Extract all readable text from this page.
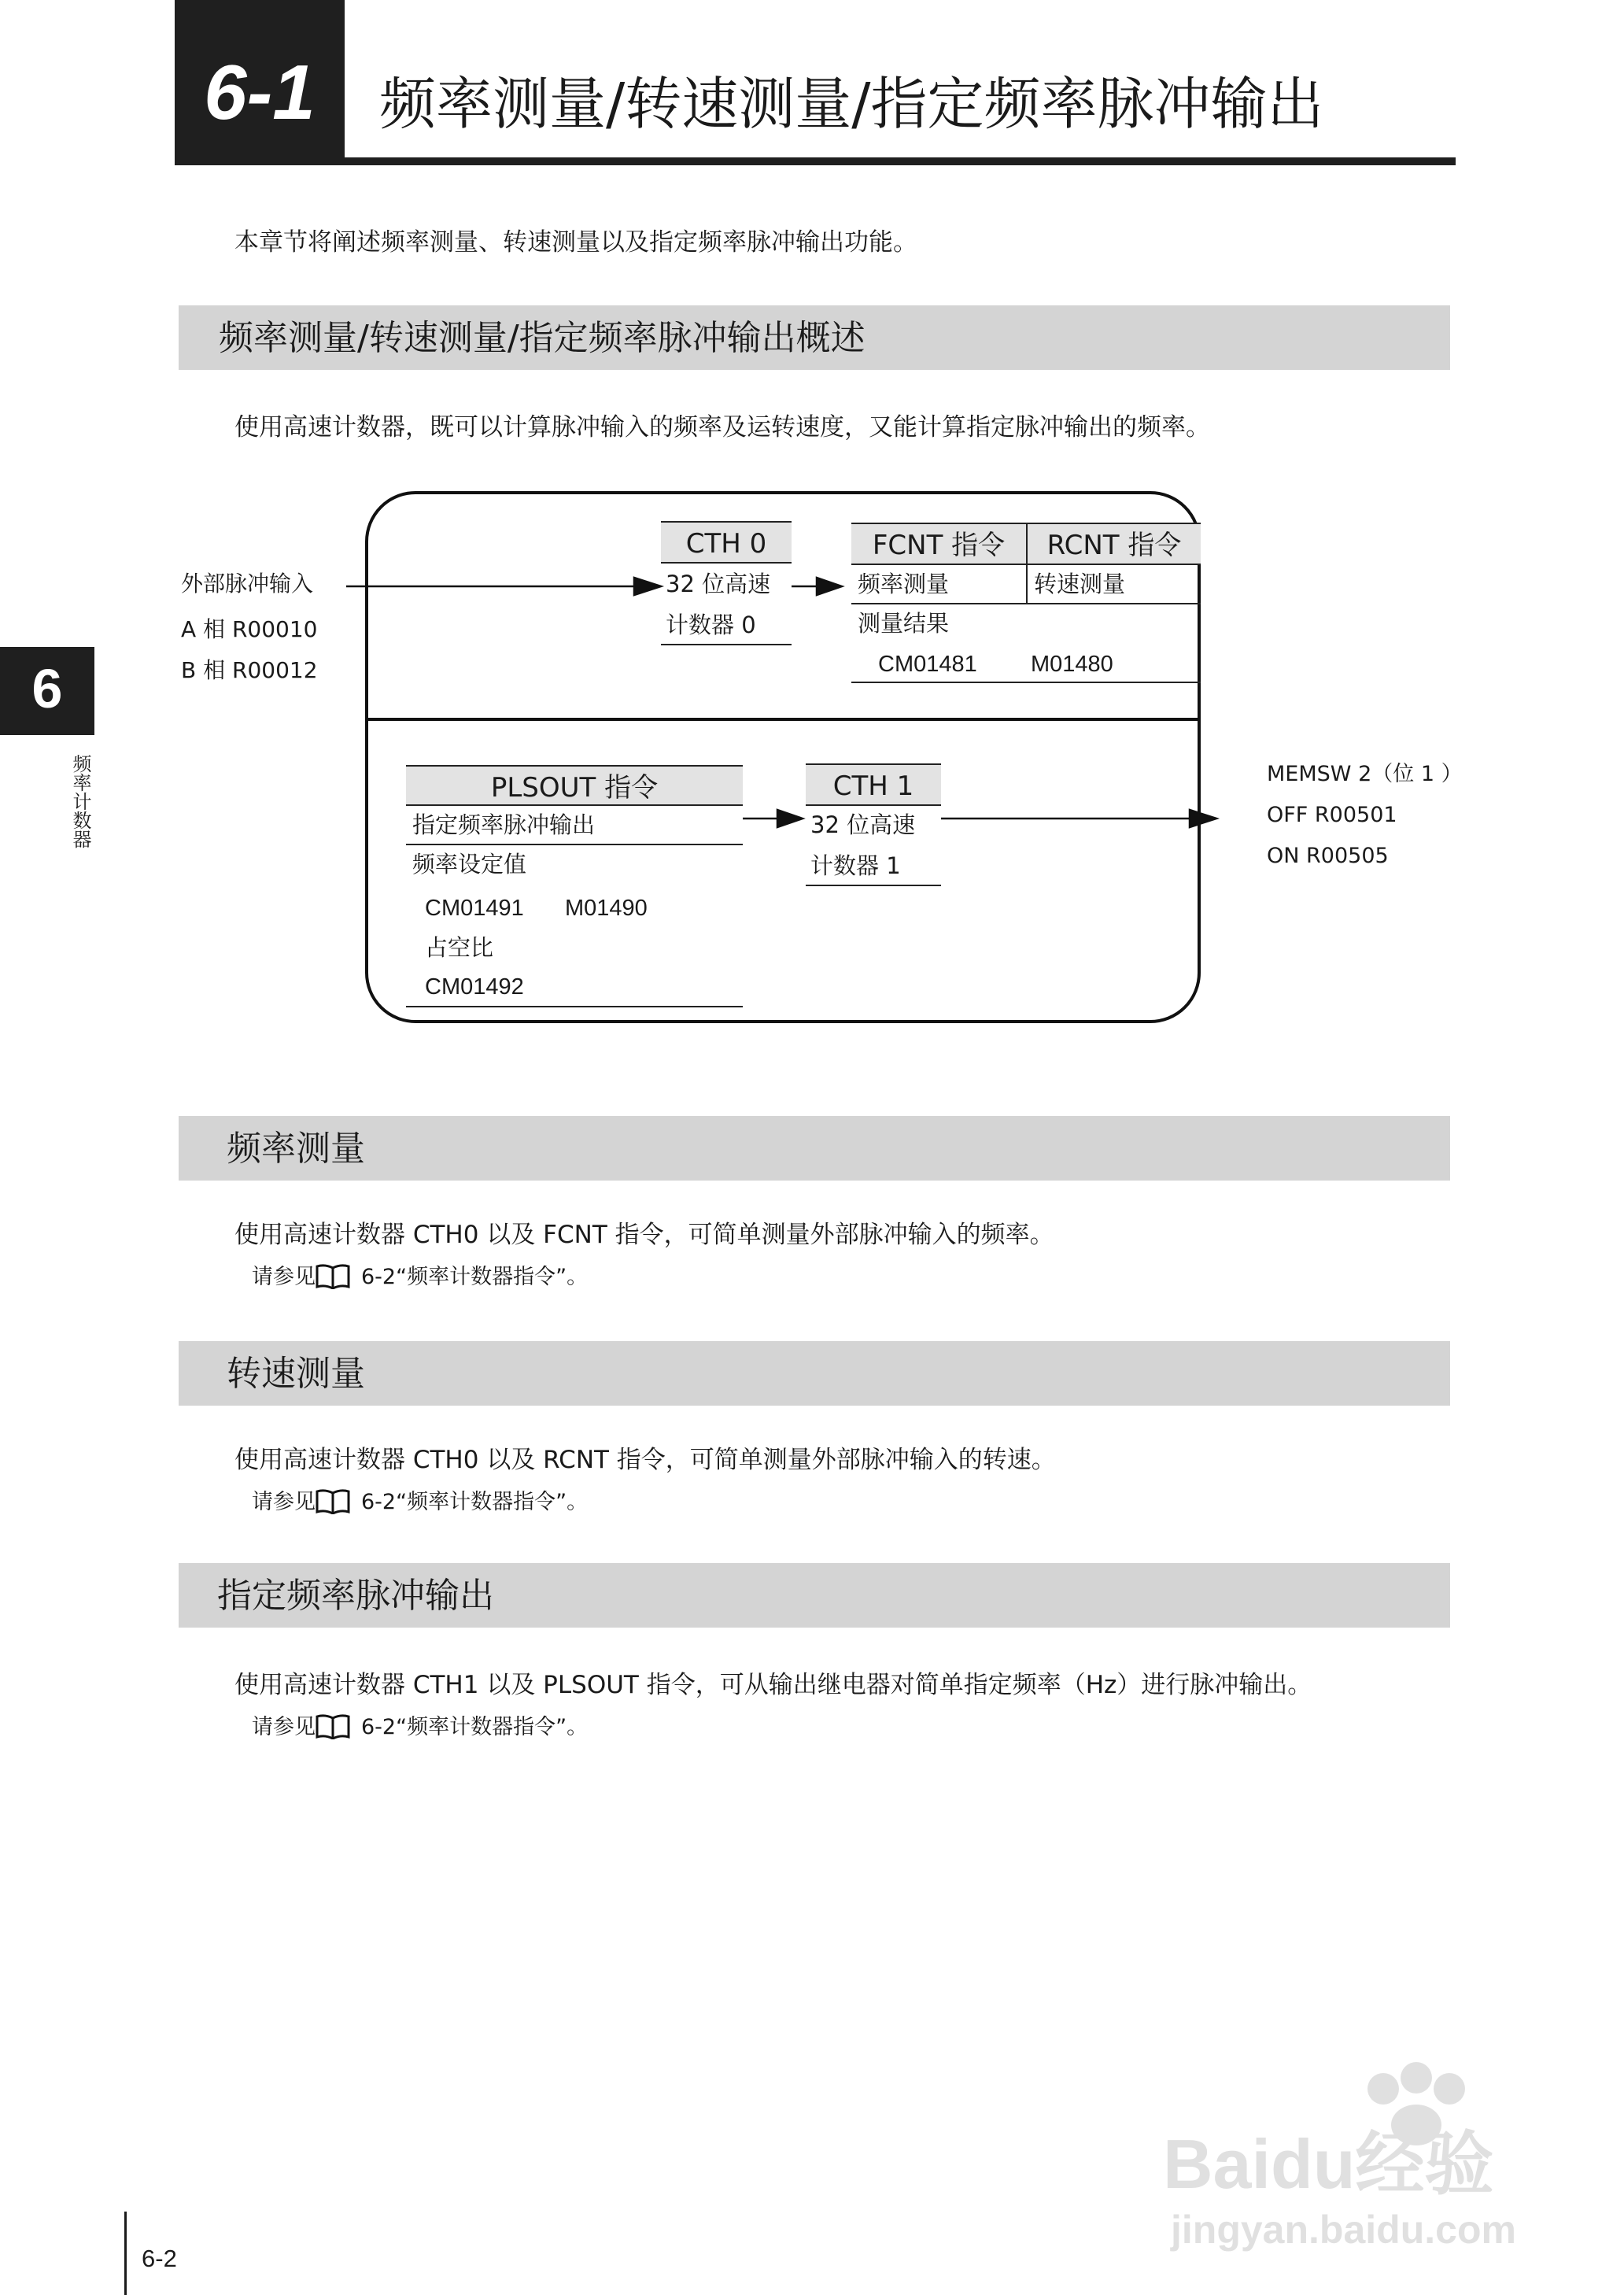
6-1	频率测量/转速测量/指定频率脉冲输出
本章节将阐述频率测量、转速测量以及指定频率脉冲输出功能。
6
频率计数器
频率测量/转速测量/指定频率脉冲输出概述
使用高速计数器，既可以计算脉冲输入的频率及运转速度，又能计算指定脉冲输出的频率。
外部脉冲输入
A 相 R00010
B 相 R00012
CTH 0
32 位高速
计数器 0
FCNT 指令	RCNT 指令
频率测量	转速测量
测量结果
CM01481 M01480
PLSOUT 指令
指定频率脉冲输出
频率设定值
CM01491 M01490
占空比
CM01492
CTH 1
32 位高速
计数器 1
MEMSW 2（位 1 ）
OFF R00501
ON R00505
频率测量
使用高速计数器 CTH0 以及 FCNT 指令，可简单测量外部脉冲输入的频率。
请参见 6-2“频率计数器指令”。
转速测量
使用高速计数器 CTH0 以及 RCNT 指令，可简单测量外部脉冲输入的转速。
请参见 6-2“频率计数器指令”。
指定频率脉冲输出
使用高速计数器 CTH1 以及 PLSOUT 指令，可从输出继电器对简单指定频率（Hz）进行脉冲输出。
请参见 6-2“频率计数器指令”。
6-2
Baidu经验
jingyan.baidu.com
